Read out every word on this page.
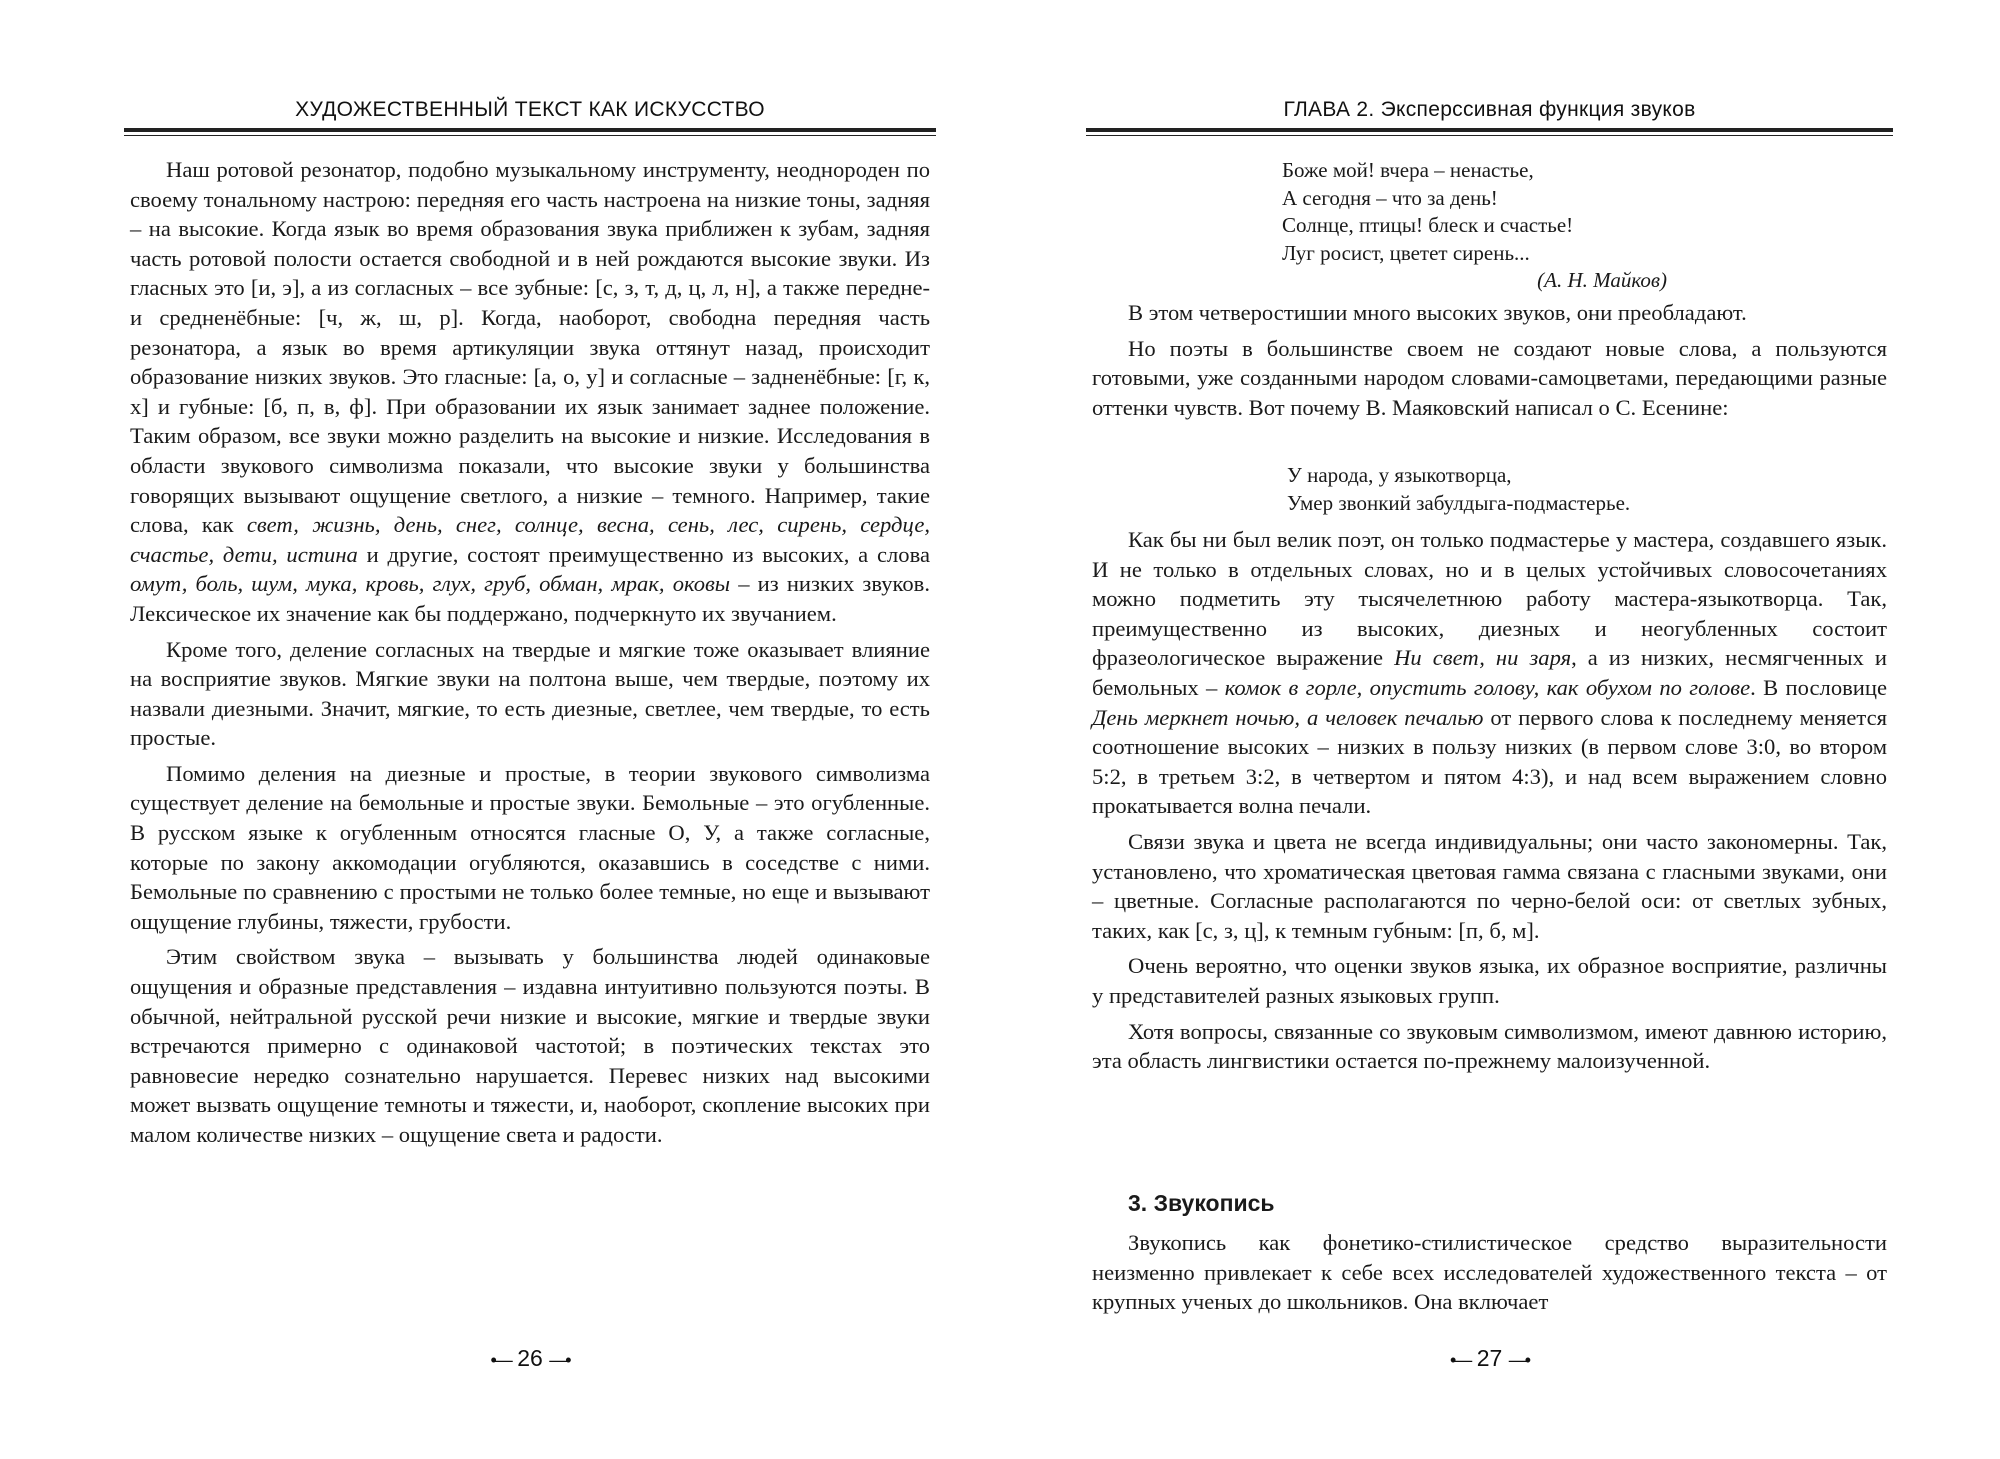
ХУДОЖЕСТВЕННЫЙ ТЕКСТ КАК ИСКУССТВО

Наш ротовой резонатор, подобно музыкальному инструменту, неоднороден по своему тональному настрою: передняя его часть настроена на низкие тоны, задняя – на высокие. Когда язык во время образования звука приближен к зубам, задняя часть ротовой полости остается свободной и в ней рождаются высокие звуки. Из гласных это [и, э], а из согласных – все зубные: [с, з, т, д, ц, л, н], а также передне- и средненёбные: [ч, ж, ш, р]. Когда, наоборот, свободна передняя часть резонатора, а язык во время артикуляции звука оттянут назад, происходит образование низких звуков. Это гласные: [а, о, у] и согласные – задненёбные: [г, к, х] и губные: [б, п, в, ф]. При образовании их язык занимает заднее положение. Таким образом, все звуки можно разделить на высокие и низкие. Исследования в области звукового символизма показали, что высокие звуки у большинства говорящих вызывают ощущение светлого, а низкие – темного. Например, такие слова, как свет, жизнь, день, снег, солнце, весна, сень, лес, сирень, сердце, счастье, дети, истина и другие, состоят преимущественно из высоких, а слова омут, боль, шум, мука, кровь, глух, груб, обман, мрак, оковы – из низких звуков. Лексическое их значение как бы поддержано, подчеркнуто их звучанием.

Кроме того, деление согласных на твердые и мягкие тоже оказывает влияние на восприятие звуков. Мягкие звуки на полтона выше, чем твердые, поэтому их назвали диезными. Значит, мягкие, то есть диезные, светлее, чем твердые, то есть простые.

Помимо деления на диезные и простые, в теории звукового символизма существует деление на бемольные и простые звуки. Бемольные – это огубленные. В русском языке к огубленным относятся гласные О, У, а также согласные, которые по закону аккомодации огубляются, оказавшись в соседстве с ними. Бемольные по сравнению с простыми не только более темные, но еще и вызывают ощущение глубины, тяжести, грубости.

Этим свойством звука – вызывать у большинства людей одинаковые ощущения и образные представления – издавна интуитивно пользуются поэты. В обычной, нейтральной русской речи низкие и высокие, мягкие и твердые звуки встречаются примерно с одинаковой частотой; в поэтических текстах это равновесие нередко сознательно нарушается. Перевес низких над высокими может вызвать ощущение темноты и тяжести, и, наоборот, скопление высоких при малом количестве низких – ощущение света и радости.

•— 26 —•
ГЛАВА 2. Эксперссивная функция звуков
Боже мой! вчера – ненастье,
А сегодня – что за день!
Солнце, птицы! блеск и счастье!
Луг росист, цветет сирень...
(А. Н. Майков)

В этом четверостишии много высоких звуков, они преобладают.

Но поэты в большинстве своем не создают новые слова, а пользуются готовыми, уже созданными народом словами-самоцветами, передающими разные оттенки чувств. Вот почему В. Маяковский написал о С. Есенине:

У народа, у языкотворца,
Умер звонкий забулдыга-подмастерье.

Как бы ни был велик поэт, он только подмастерье у мастера, создавшего язык. И не только в отдельных словах, но и в целых устойчивых словосочетаниях можно подметить эту тысячелетнюю работу мастера-языкотворца. Так, преимущественно из высоких, диезных и неогубленных состоит фразеологическое выражение Ни свет, ни заря, а из низких, несмягченных и бемольных – комок в горле, опустить голову, как обухом по голове. В пословице День меркнет ночью, а человек печалью от первого слова к последнему меняется соотношение высоких – низких в пользу низких (в первом слове 3:0, во втором 5:2, в третьем 3:2, в четвертом и пятом 4:3), и над всем выражением словно прокатывается волна печали.

Связи звука и цвета не всегда индивидуальны; они часто закономерны. Так, установлено, что хроматическая цветовая гамма связана с гласными звуками, они – цветные. Согласные располагаются по черно-белой оси: от светлых зубных, таких, как [с, з, ц], к темным губным: [п, б, м].

Очень вероятно, что оценки звуков языка, их образное восприятие, различны у представителей разных языковых групп.

Хотя вопросы, связанные со звуковым символизмом, имеют давнюю историю, эта область лингвистики остается по-прежнему малоизученной.

3. Звукопись

Звукопись как фонетико-стилистическое средство выразительности неизменно привлекает к себе всех исследователей художественного текста – от крупных ученых до школьников. Она включает

•— 27 —•
